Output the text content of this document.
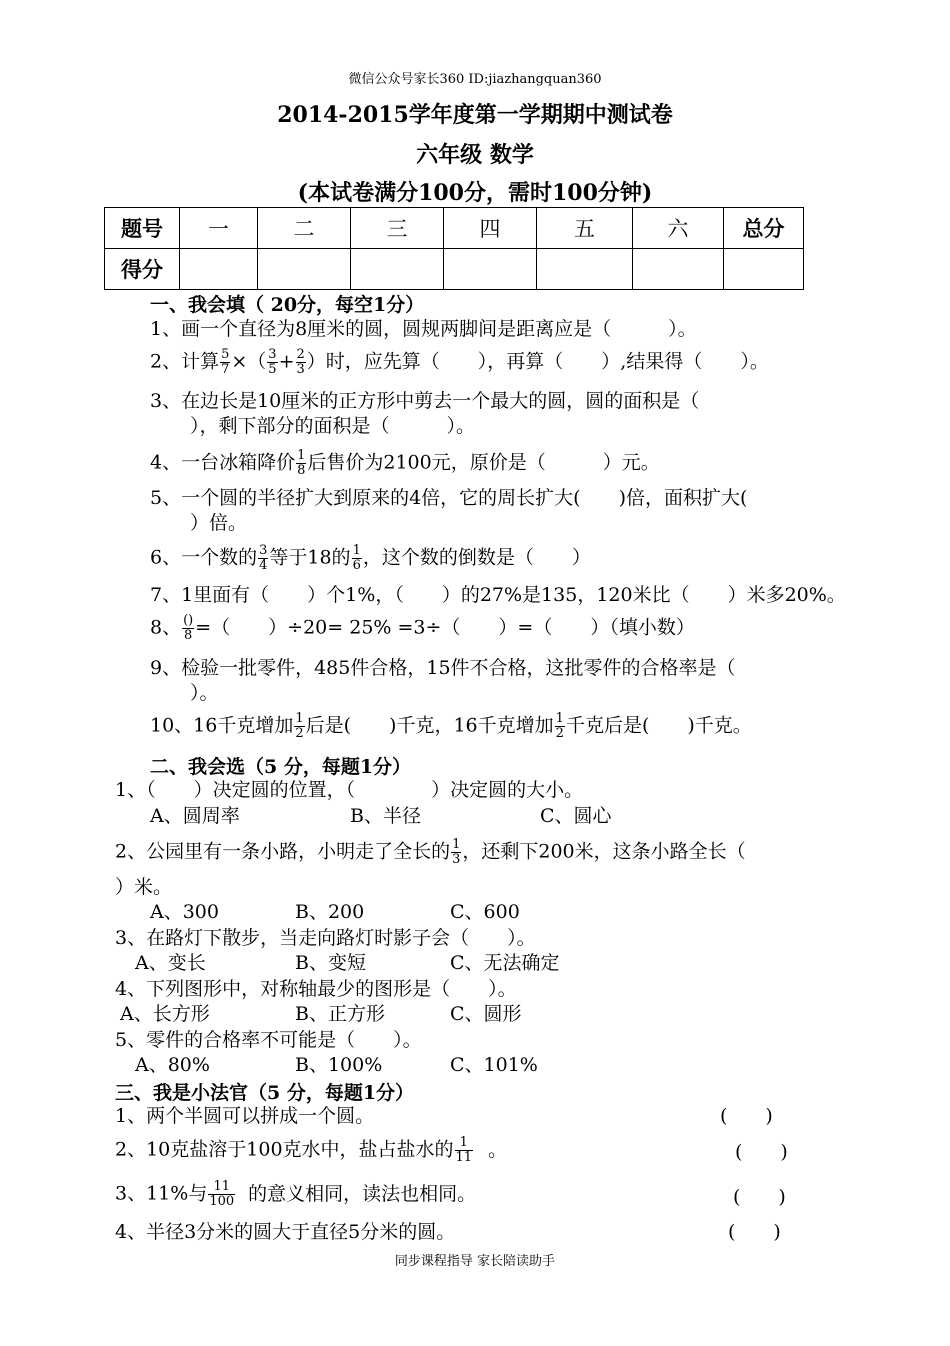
微信公众号家长360 ID:jiazhangquan360
2014-2015学年度第一学期期中测试卷
六年级 数学
(本试卷满分100分，需时100分钟)
题号	一	二	三	四	五	六	总分
得分							
一、我会填（ 20分，每空1分）
1、画一个直径为8厘米的圆，圆规两脚间是距离应是（　　　）。
2、计算 $\frac{5}{7}$ ×（ $\frac{3}{5} + \frac{2}{3}$ ）时，应先算（　　），再算（　　）,结果得（　　）。
3、在边长是10厘米的正方形中剪去一个最大的圆，圆的面积是（
），剩下部分的面积是（　　　）。
4、一台冰箱降价 $\frac{1}{8}$ 后售价为2100元，原价是（　　　）元。
5、一个圆的半径扩大到原来的4倍，它的周长扩大(　　)倍，面积扩大(
）倍。
6、一个数的 $\frac{3}{4}$ 等于18的 $\frac{1}{6}$ ，这个数的倒数是（　　）
7、1里面有（　　）个1%，（　　）的27%是135，120米比（　　）米多20%。
8、 ()
8 =（　　）÷20= 25% =3÷（　　）=（　　）（填小数）
9、检验一批零件，485件合格，15件不合格，这批零件的合格率是（
）。
10、16千克增加 $\frac{1}{2}$ 后是(　　)千克，16千克增加 $\frac{1}{2}$ 千克后是(　　)千克。
二、我会选（5 分，每题1分）
1、（　　）决定圆的位置，（　　　　）决定圆的大小。
A、圆周率	B、半径	C、圆心
2、公园里有一条小路，小明走了全长的 $\frac{1}{3}$ ，还剩下200米，这条小路全长（
）米。
A、300	B、200	C、600
3、在路灯下散步，当走向路灯时影子会（　　）。
A、变长	B、变短	C、无法确定
4、下列图形中，对称轴最少的图形是（　　）。
A、长方形	B、正方形	C、圆形
5、零件的合格率不可能是（　　）。
A、80%	B、100%	C、101%
三、我是小法官（5 分，每题1分）
1、两个半圆可以拼成一个圆。	(　　)
2、10克盐溶于100克水中，盐占盐水的 $\frac{1}{11}$ 。	(　　)
3、11%与 $\frac{11}{100}$ 的意义相同，读法也相同。	(　　)
4、半径3分米的圆大于直径5分米的圆。	(　　)
同步课程指导 家长陪读助手
